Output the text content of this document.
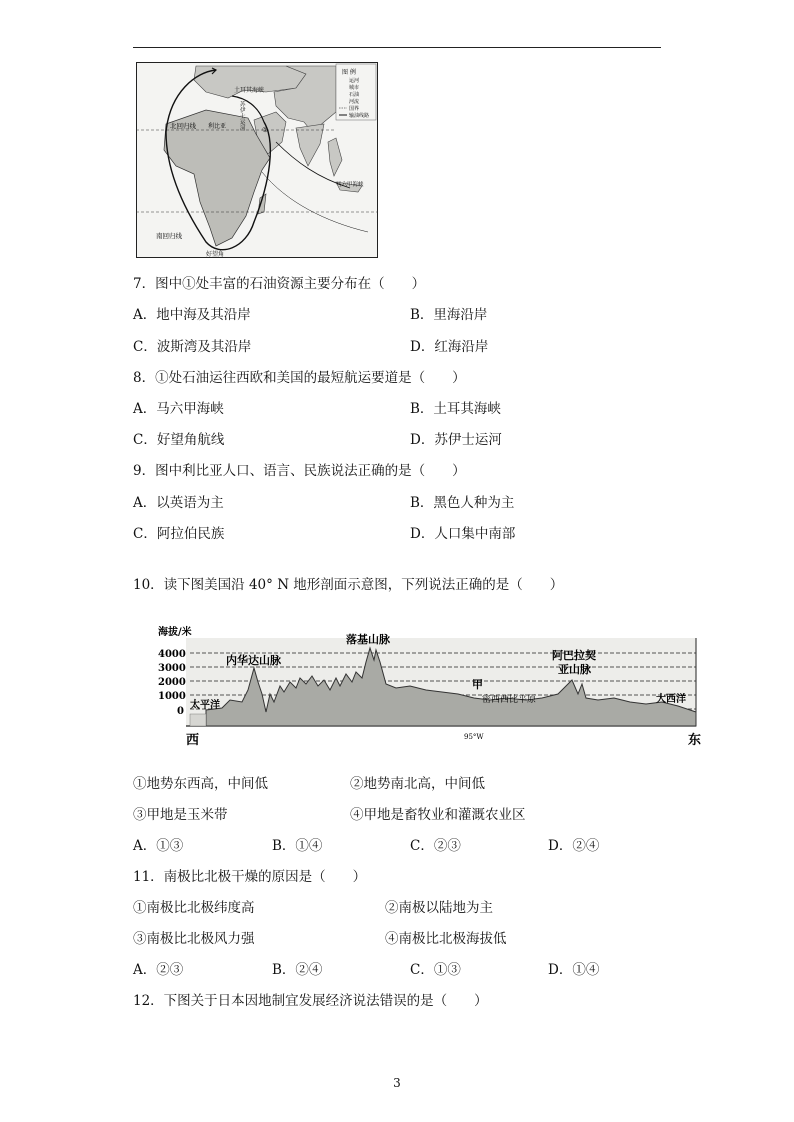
图 例
运河
城市
石油
河流
国界
输油线路
土耳其海峡
利比亚
北回归线
南回归线
马六甲海峡
好望角
①
苏
伊
士
运
河
7．图中①处丰富的石油资源主要分布在（　　）
A．地中海及其沿岸	B．里海沿岸
C．波斯湾及其沿岸	D．红海沿岸
8．①处石油运往西欧和美国的最短航运要道是（　　）
A．马六甲海峡	B．土耳其海峡
C．好望角航线	D．苏伊士运河
9．图中利比亚人口、语言、民族说法正确的是（　　）
A．以英语为主	B．黑色人种为主
C．阿拉伯民族	D．人口集中南部
10．读下图美国沿 40° N 地形剖面示意图，下列说法正确的是（　　）
海拔/米
4000
3000
2000
1000
0
西	东
95°W
落基山脉
内华达山脉	阿巴拉契
亚山脉
甲
密西西比平原
太平洋
大西洋
①地势东西高，中间低	②地势南北高，中间低
③甲地是玉米带	④甲地是畜牧业和灌溉农业区
A．①③	B．①④	C．②③	D．②④
11．南极比北极干燥的原因是（　　）
①南极比北极纬度高	②南极以陆地为主
③南极比北极风力强	④南极比北极海拔低
A．②③	B．②④	C．①③	D．①④
12．下图关于日本因地制宜发展经济说法错误的是（　　）
3
